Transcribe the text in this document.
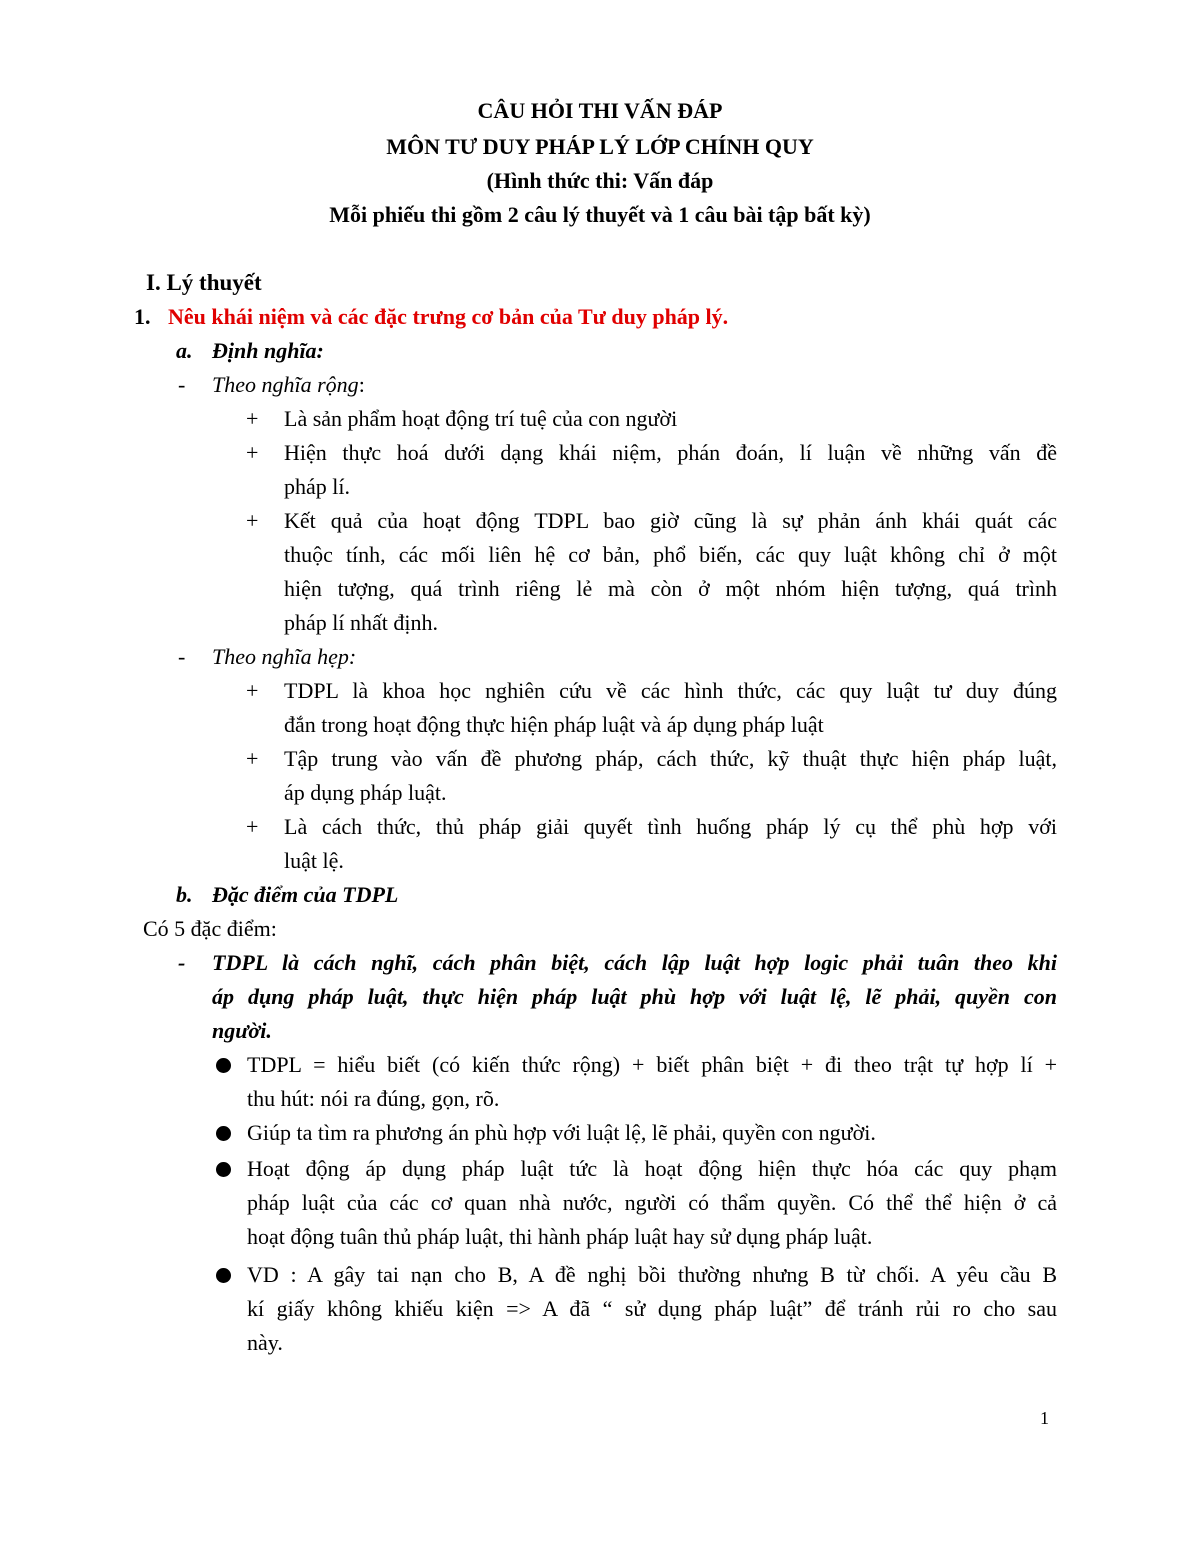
CÂU HỎI THI VẤN ĐÁP

MÔN TƯ DUY PHÁP LÝ LỚP CHÍNH QUY

(Hình thức thi: Vấn đáp

Mỗi phiếu thi gồm 2 câu lý thuyết và 1 câu bài tập bất kỳ)

I. Lý thuyết

1. Nêu khái niệm và các đặc trưng cơ bản của Tư duy pháp lý.

a. Định nghĩa:

- Theo nghĩa rộng:

+ Là sản phẩm hoạt động trí tuệ của con người

+ Hiện thực hoá dưới dạng khái niệm, phán đoán, lí luận về những vấn đề

pháp lí.

+ Kết quả của hoạt động TDPL bao giờ cũng là sự phản ánh khái quát các

thuộc tính, các mối liên hệ cơ bản, phổ biến, các quy luật không chỉ ở một

hiện tượng, quá trình riêng lẻ mà còn ở một nhóm hiện tượng, quá trình

pháp lí nhất định.

- Theo nghĩa hẹp:

+ TDPL là khoa học nghiên cứu về các hình thức, các quy luật tư duy đúng

đắn trong hoạt động thực hiện pháp luật và áp dụng pháp luật

+ Tập trung vào vấn đề phương pháp, cách thức, kỹ thuật thực hiện pháp luật,

áp dụng pháp luật.

+ Là cách thức, thủ pháp giải quyết tình huống pháp lý cụ thể phù hợp với

luật lệ.

b. Đặc điểm của TDPL

Có 5 đặc điểm:

- TDPL là cách nghĩ, cách phân biệt, cách lập luật hợp logic phải tuân theo khi

áp dụng pháp luật, thực hiện pháp luật phù hợp với luật lệ, lẽ phải, quyền con

người.

TDPL = hiểu biết (có kiến thức rộng) + biết phân biệt + đi theo trật tự hợp lí +

thu hút: nói ra đúng, gọn, rõ.

Giúp ta tìm ra phương án phù hợp với luật lệ, lẽ phải, quyền con người.

Hoạt động áp dụng pháp luật tức là hoạt động hiện thực hóa các quy phạm

pháp luật của các cơ quan nhà nước, người có thẩm quyền. Có thể thể hiện ở cả

hoạt động tuân thủ pháp luật, thi hành pháp luật hay sử dụng pháp luật.

VD : A gây tai nạn cho B, A đề nghị bồi thường nhưng B từ chối. A yêu cầu B

kí giấy không khiếu kiện => A đã “ sử dụng pháp luật” để tránh rủi ro cho sau

này.

1
